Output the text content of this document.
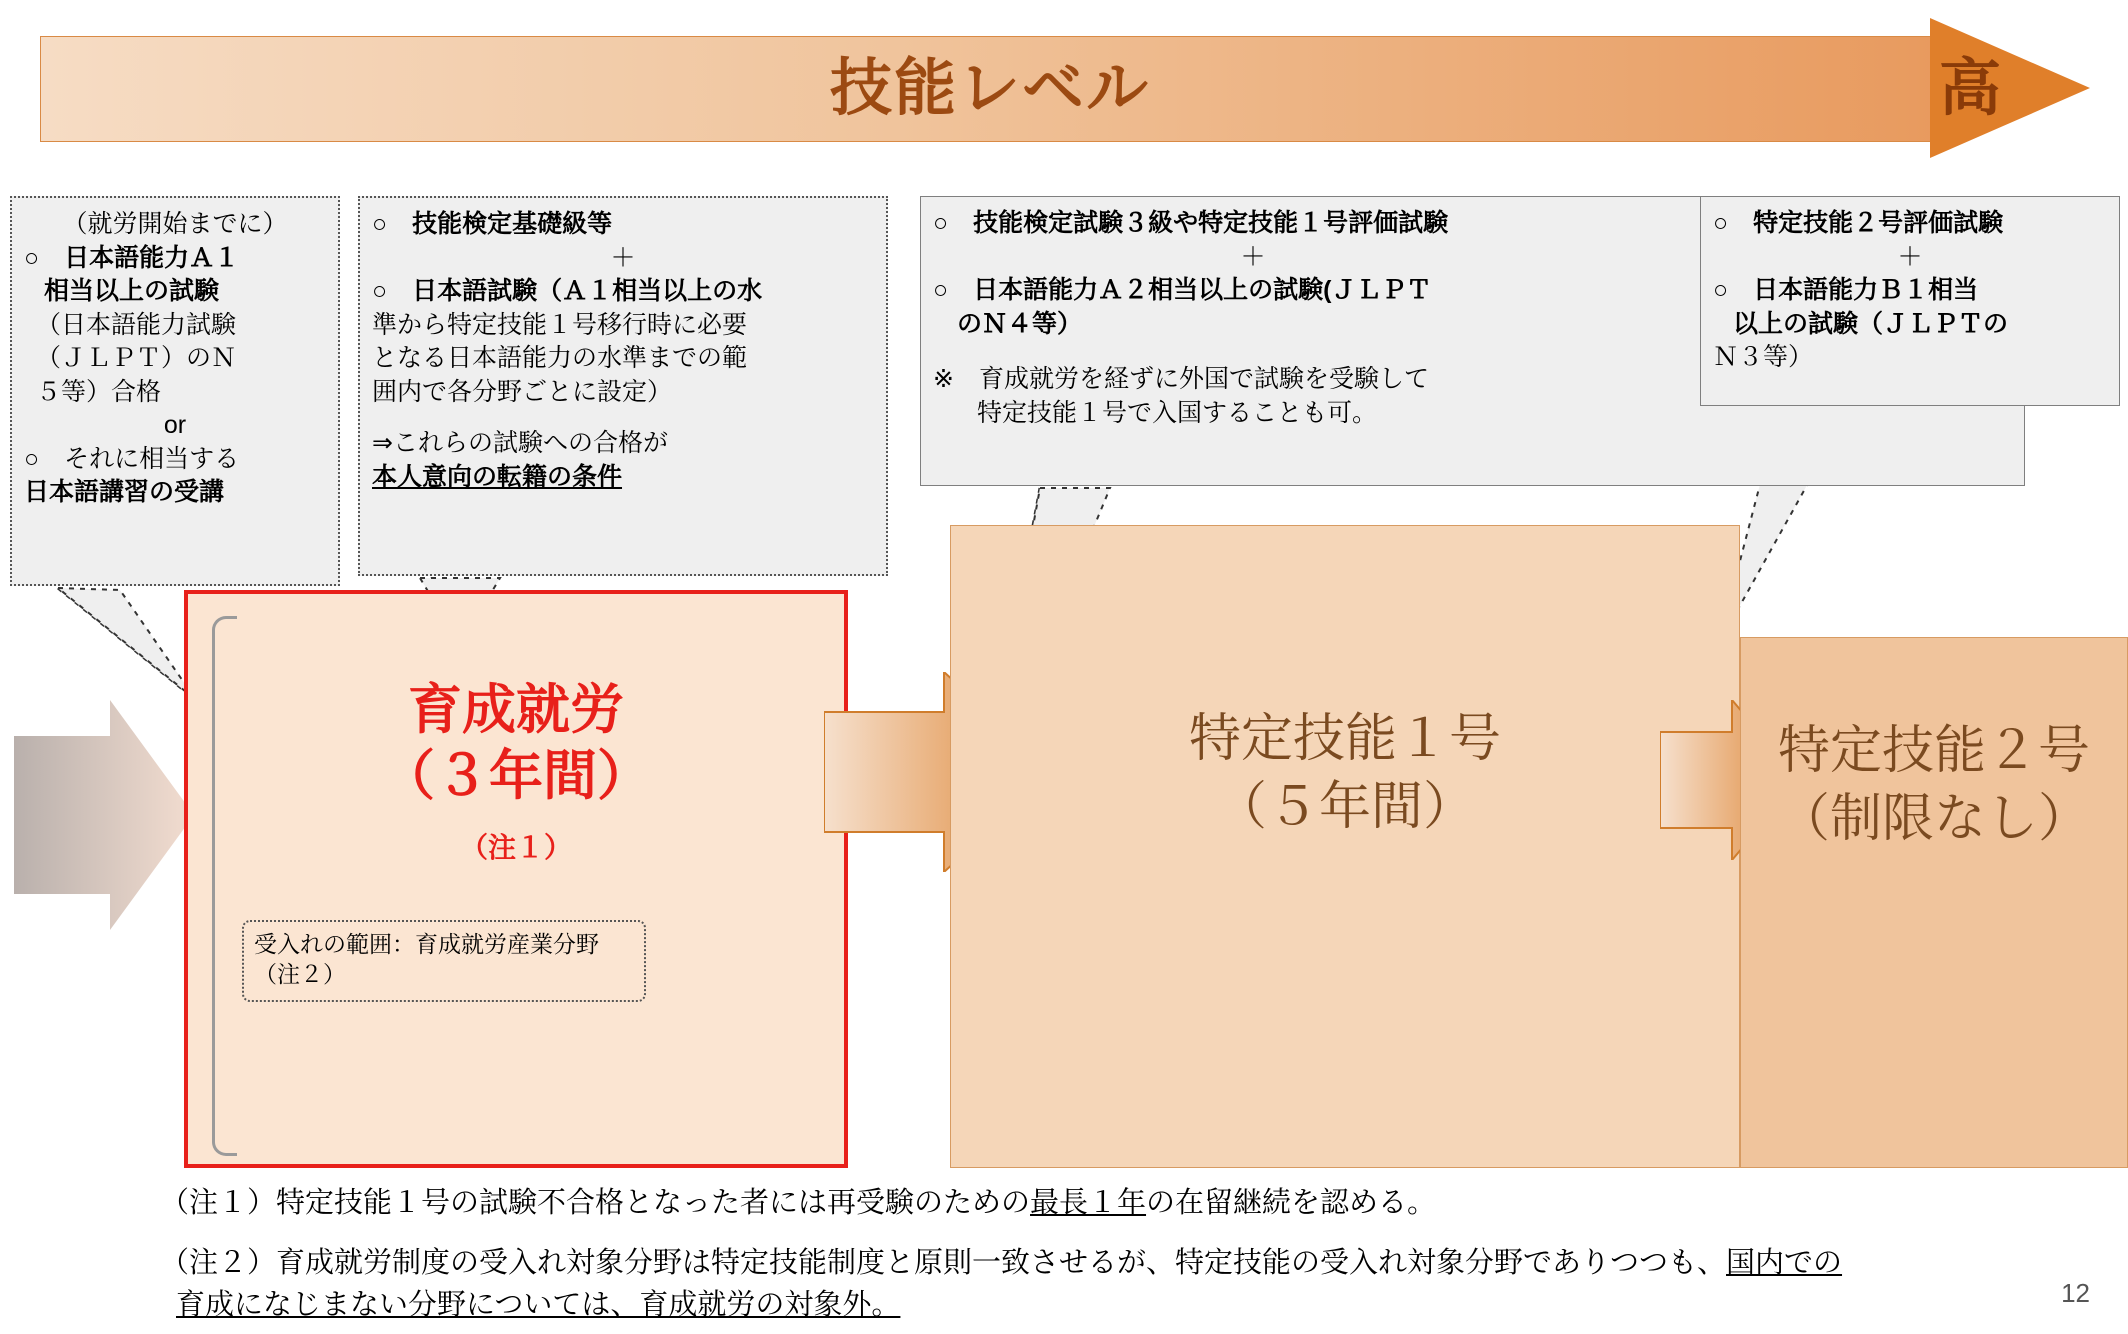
技能レベル	高
（就労開始までに）
○　日本語能力Ａ１
相当以上の試験
（日本語能力試験
（ＪＬＰＴ）のＮ
５等）合格
or
○　それに相当する
日本語講習の受講
○　技能検定基礎級等
＋
○　日本語試験（Ａ１相当以上の水
準から特定技能１号移行時に必要
となる日本語能力の水準までの範
囲内で各分野ごとに設定）
⇒これらの試験への合格が
本人意向の転籍の条件
○　技能検定試験３級や特定技能１号評価試験
＋
○　日本語能力Ａ２相当以上の試験(ＪＬＰＴ
のＮ４等）
※　育成就労を経ずに外国で試験を受験して
特定技能１号で入国することも可。
○　特定技能２号評価試験
＋
○　日本語能力Ｂ１相当
以上の試験（ＪＬＰＴの
Ｎ３等）
育成就労
（３年間）
（注１）
受入れの範囲：育成就労産業分野
（注２）
特定技能１号
（５年間）
特定技能２号
（制限なし）
（注１）特定技能１号の試験不合格となった者には再受験のための最長１年の在留継続を認める。
（注２）育成就労制度の受入れ対象分野は特定技能制度と原則一致させるが、特定技能の受入れ対象分野でありつつも、国内での
育成になじまない分野については、育成就労の対象外。	12
